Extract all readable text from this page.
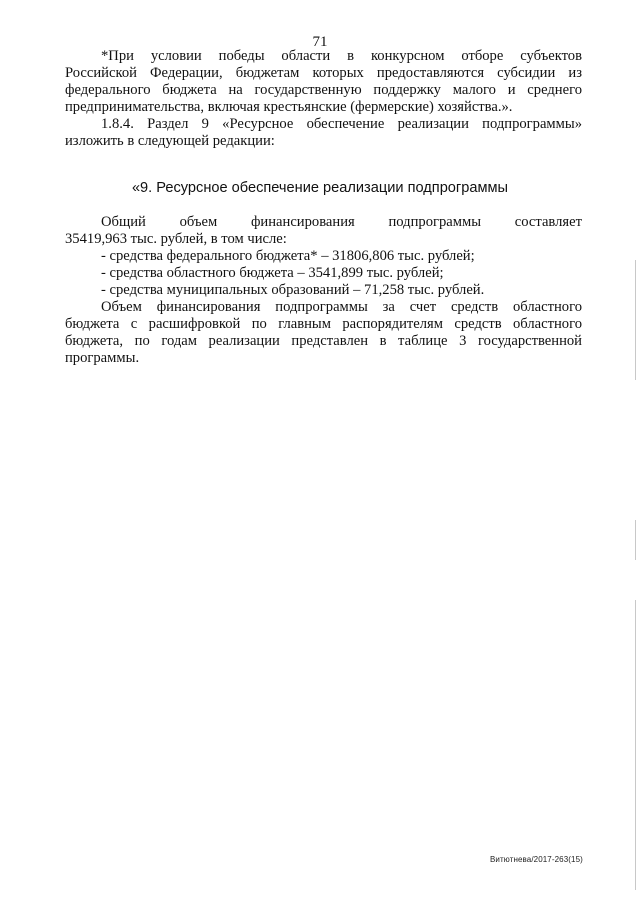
71
*При условии победы области в конкурсном отборе субъектов
Российской Федерации, бюджетам которых предоставляются субсидии из
федерального бюджета на государственную поддержку малого и среднего
предпринимательства, включая крестьянские (фермерские) хозяйства.».
1.8.4. Раздел 9 «Ресурсное обеспечение реализации подпрограммы»
изложить в следующей редакции:
«9. Ресурсное обеспечение реализации подпрограммы
Общий объем финансирования подпрограммы составляет
35419,963 тыс. рублей, в том числе:
- средства федерального бюджета* – 31806,806 тыс. рублей;
- средства областного бюджета – 3541,899 тыс. рублей;
- средства муниципальных образований – 71,258 тыс. рублей.
Объем финансирования подпрограммы за счет средств областного
бюджета с расшифровкой по главным распорядителям средств областного
бюджета, по годам реализации представлен в таблице 3 государственной
программы.
Витютнева/2017-263(15)
